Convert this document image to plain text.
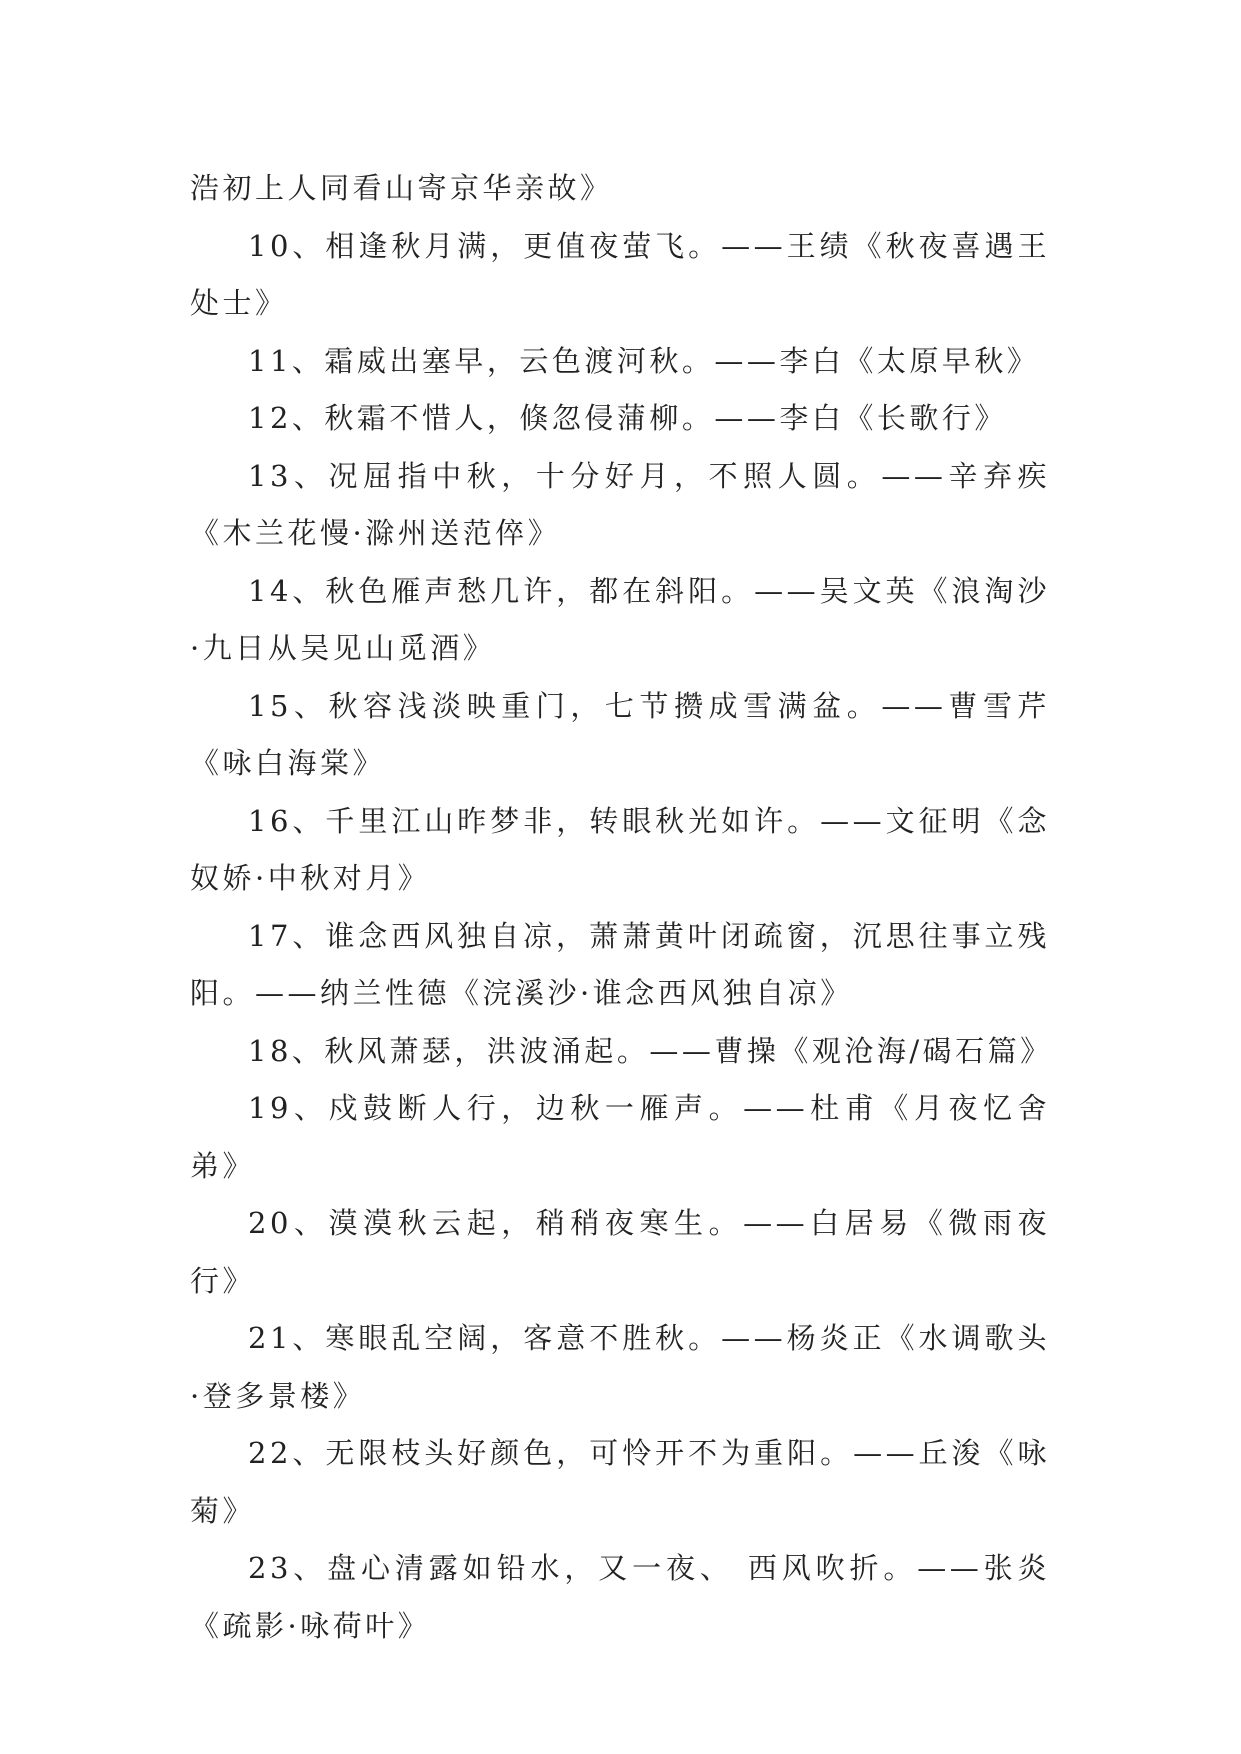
浩初上人同看山寄京华亲故》

10、相逢秋月满，更值夜萤飞。——王绩《秋夜喜遇王处士》

11、霜威出塞早，云色渡河秋。——李白《太原早秋》

12、秋霜不惜人，倏忽侵蒲柳。——李白《长歌行》

13、况屈指中秋，十分好月，不照人圆。——辛弃疾《木兰花慢·滁州送范倅》

14、秋色雁声愁几许，都在斜阳。——吴文英《浪淘沙·九日从吴见山觅酒》

15、秋容浅淡映重门，七节攒成雪满盆。——曹雪芹《咏白海棠》

16、千里江山昨梦非，转眼秋光如许。——文征明《念奴娇·中秋对月》

17、谁念西风独自凉，萧萧黄叶闭疏窗，沉思往事立残阳。——纳兰性德《浣溪沙·谁念西风独自凉》

18、秋风萧瑟，洪波涌起。——曹操《观沧海/碣石篇》

19、戍鼓断人行，边秋一雁声。——杜甫《月夜忆舍弟》

20、漠漠秋云起，稍稍夜寒生。——白居易《微雨夜行》

21、寒眼乱空阔，客意不胜秋。——杨炎正《水调歌头·登多景楼》

22、无限枝头好颜色，可怜开不为重阳。——丘浚《咏菊》

23、盘心清露如铅水，又一夜、 西风吹折。——张炎《疏影·咏荷叶》
